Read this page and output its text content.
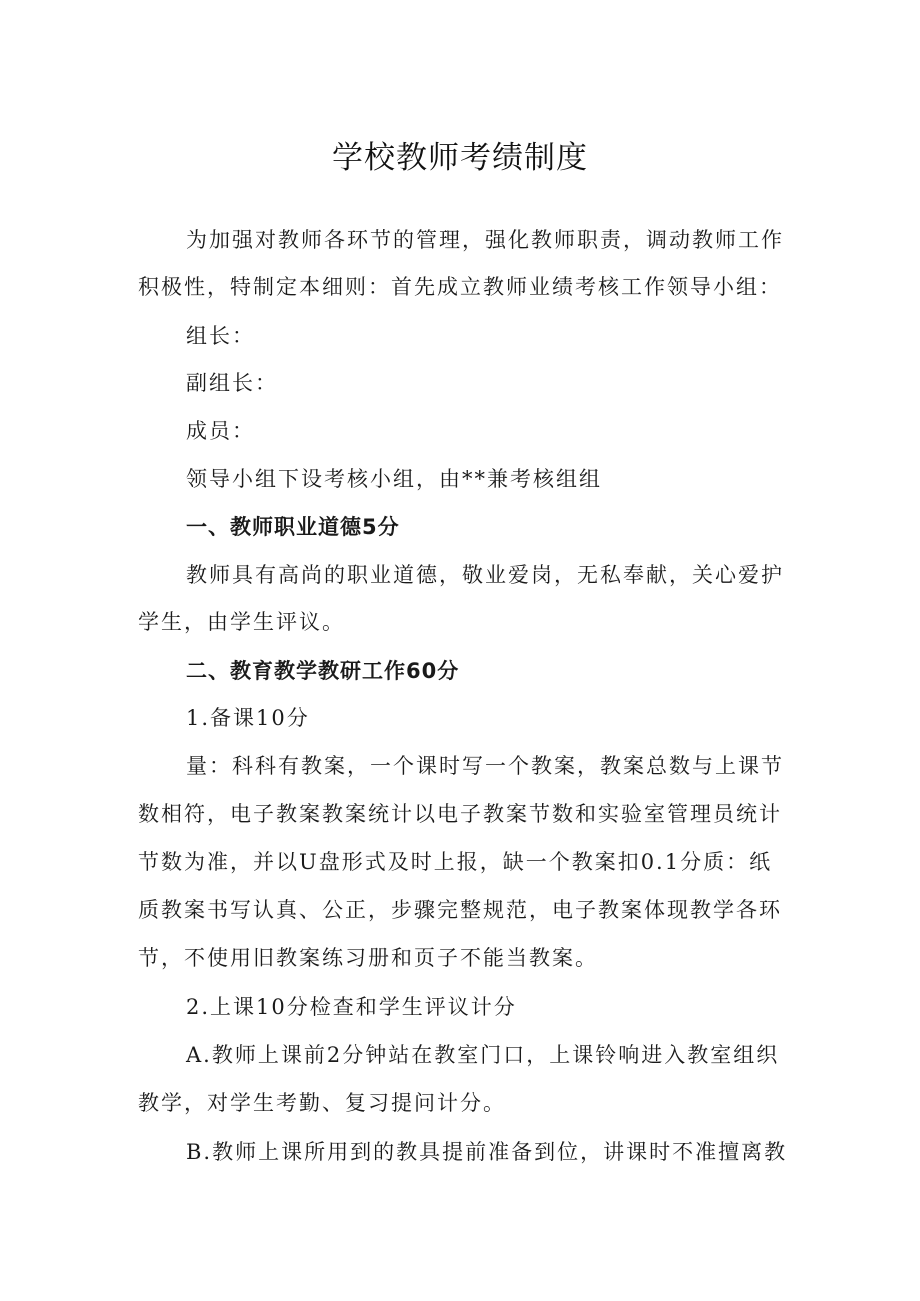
学校教师考绩制度
为加强对教师各环节的管理，强化教师职责，调动教师工作
积极性，特制定本细则：首先成立教师业绩考核工作领导小组：
组长：
副组长：
成员：
领导小组下设考核小组，由**兼考核组组
一、教师职业道德5分
教师具有高尚的职业道德，敬业爱岗，无私奉献，关心爱护
学生，由学生评议。
二、教育教学教研工作60分
1.备课10分
量：科科有教案，一个课时写一个教案，教案总数与上课节
数相符，电子教案教案统计以电子教案节数和实验室管理员统计
节数为准，并以U盘形式及时上报，缺一个教案扣0.1分质：纸
质教案书写认真、公正，步骤完整规范，电子教案体现教学各环
节，不使用旧教案练习册和页子不能当教案。
2.上课10分检查和学生评议计分
A.教师上课前2分钟站在教室门口，上课铃响进入教室组织
教学，对学生考勤、复习提问计分。
B.教师上课所用到的教具提前准备到位，讲课时不准擅离教
